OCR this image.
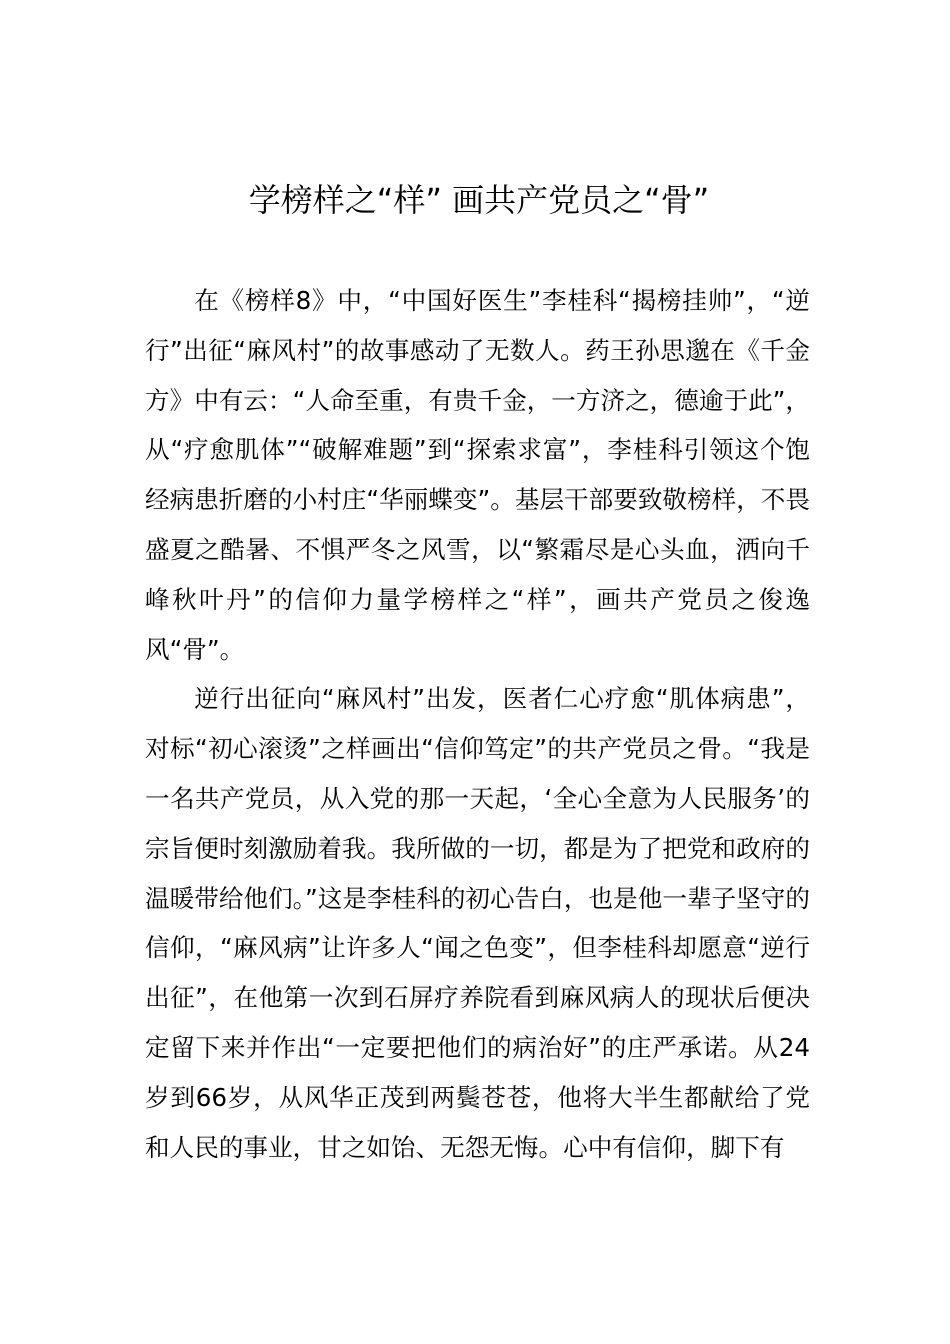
学榜样之“样” 画共产党员之“骨”

在《榜样8》中，“中国好医生”李桂科“揭榜挂帅”，“逆行”出征“麻风村”的故事感动了无数人。药王孙思邈在《千金方》中有云：“人命至重，有贵千金，一方济之，德逾于此”，从“疗愈肌体”“破解难题”到“探索求富”，李桂科引领这个饱经病患折磨的小村庄“华丽蝶变”。基层干部要致敬榜样，不畏盛夏之酷暑、不惧严冬之风雪，以“繁霜尽是心头血，洒向千峰秋叶丹”的信仰力量学榜样之“样”，画共产党员之俊逸风“骨”。

逆行出征向“麻风村”出发，医者仁心疗愈“肌体病患”，对标“初心滚烫”之样画出“信仰笃定”的共产党员之骨。“我是一名共产党员，从入党的那一天起，‘全心全意为人民服务’的宗旨便时刻激励着我。我所做的一切，都是为了把党和政府的温暖带给他们。”这是李桂科的初心告白，也是他一辈子坚守的信仰，“麻风病”让许多人“闻之色变”，但李桂科却愿意“逆行出征”，在他第一次到石屏疗养院看到麻风病人的现状后便决定留下来并作出“一定要把他们的病治好”的庄严承诺。从24岁到66岁，从风华正茂到两鬓苍苍，他将大半生都献给了党和人民的事业，甘之如饴、无怨无悔。心中有信仰，脚下有
